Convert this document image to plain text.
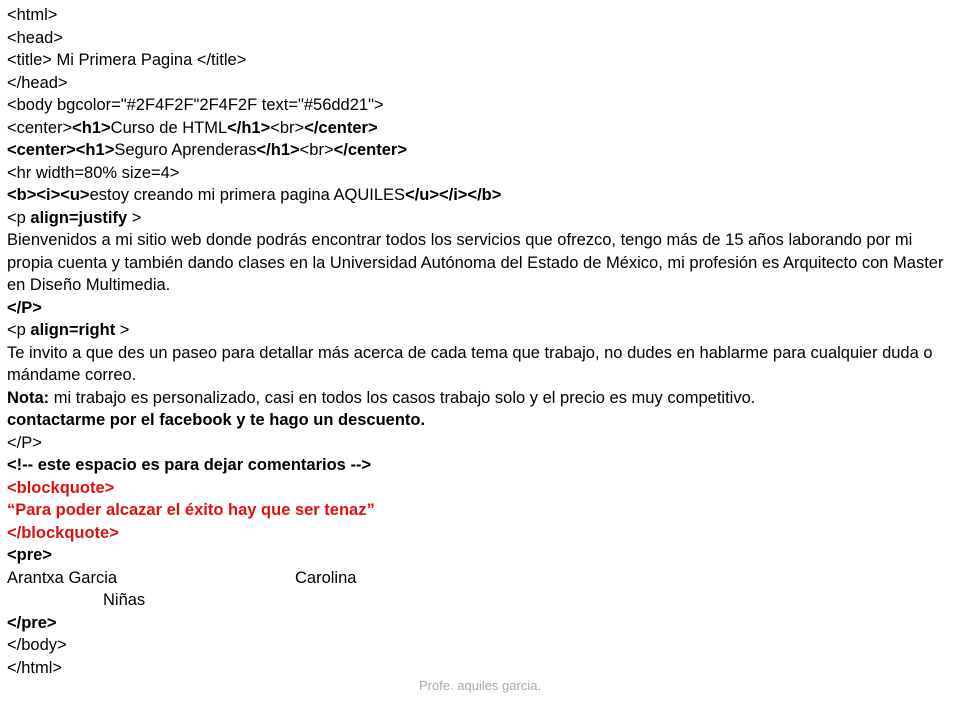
<html>
<head>
<title> Mi Primera Pagina </title>
</head>
<body bgcolor="#2F4F2F"2F4F2F text="#56dd21">
<center><h1>Curso de HTML</h1><br></center>
<center><h1>Seguro Aprenderas</h1><br></center>
<hr width=80% size=4>
<b><i><u>estoy creando mi primera pagina AQUILES</u></i></b>
<p align=justify >
Bienvenidos a mi sitio web donde podrás encontrar todos los servicios que ofrezco, tengo más de 15 años laborando por mi propia cuenta y también dando clases en la Universidad Autónoma del Estado de México, mi profesión es Arquitecto con Master en Diseño Multimedia.
</P>
<p align=right >
Te invito a que des un paseo para detallar más acerca de cada tema que trabajo, no dudes en hablarme para cualquier duda o mándame correo.
Nota: mi trabajo es personalizado, casi en todos los casos trabajo solo y el precio es muy competitivo.
contactarme por el facebook y te hago un descuento.
</P>
<!-- este espacio es para dejar comentarios -->
<blockquote>
“Para poder alcazar el éxito hay que ser tenaz”
</blockquote>
<pre>
Arantxa Garcia	Carolina
Niñas
</pre>
</body>
</html>
Profe. aquiles garcia.
